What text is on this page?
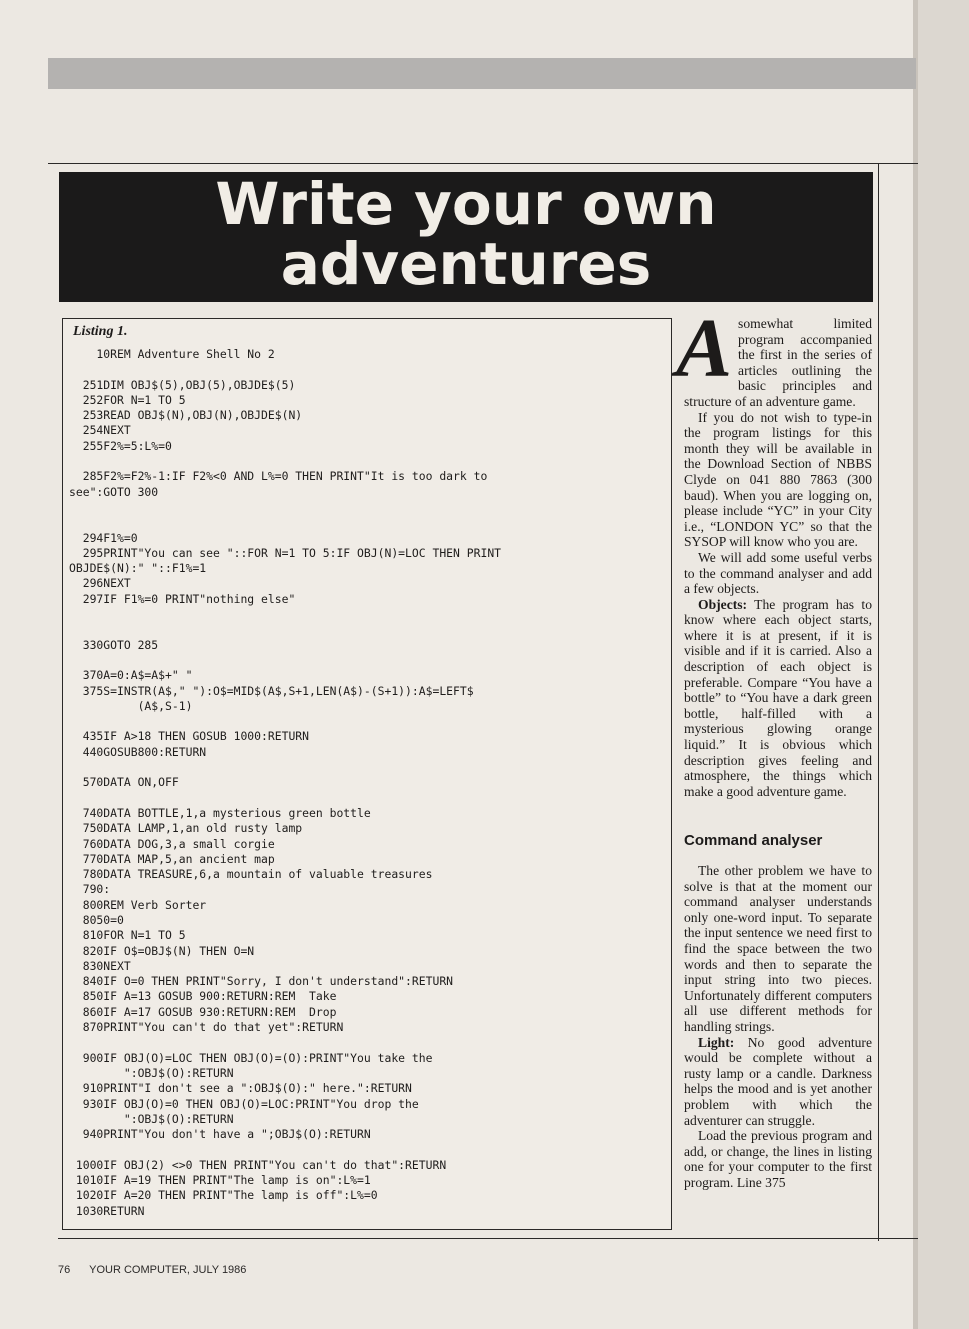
Write your own
adventures
Listing 1.
10REM Adventure Shell No 2

251DIM OBJ$(5),OBJ(5),OBJDE$(5)
252FOR N=1 TO 5
253READ OBJ$(N),OBJ(N),OBJDE$(N)
254NEXT
255F2%=5:L%=0

285F2%=F2%-1:IF F2%<0 AND L%=0 THEN PRINT"It is too dark to
see":GOTO 300

294F1%=0
295PRINT"You can see "::FOR N=1 TO 5:IF OBJ(N)=LOC THEN PRINT
OBJDE$(N):" "::F1%=1
296NEXT
297IF F1%=0 PRINT"nothing else"

330GOTO 285

370A=0:A$=A$+" "
375S=INSTR(A$," "):O$=MID$(A$,S+1,LEN(A$)-(S+1)):A$=LEFT$
(A$,S-1)

435IF A>18 THEN GOSUB 1000:RETURN
440GOSUB800:RETURN

570DATA ON,OFF

740DATA BOTTLE,1,a mysterious green bottle
750DATA LAMP,1,an old rusty lamp
760DATA DOG,3,a small corgie
770DATA MAP,5,an ancient map
780DATA TREASURE,6,a mountain of valuable treasures
790:
800REM Verb Sorter
8050=0
810FOR N=1 TO 5
820IF O$=OBJ$(N) THEN O=N
830NEXT
840IF O=0 THEN PRINT"Sorry, I don't understand":RETURN
850IF A=13 GOSUB 900:RETURN:REM  Take
860IF A=17 GOSUB 930:RETURN:REM  Drop
870PRINT"You can't do that yet":RETURN

900IF OBJ(O)=LOC THEN OBJ(O)=(O):PRINT"You take the
":OBJ$(O):RETURN
910PRINT"I don't see a ":OBJ$(O):" here.":RETURN
930IF OBJ(O)=0 THEN OBJ(O)=LOC:PRINT"You drop the
":OBJ$(O):RETURN
940PRINT"You don't have a ";OBJ$(O):RETURN

1000IF OBJ(2) <>0 THEN PRINT"You can't do that":RETURN
1010IF A=19 THEN PRINT"The lamp is on":L%=1
1020IF A=20 THEN PRINT"The lamp is off":L%=0
1030RETURN

Asomewhat limited program accompanied the first in the series of articles outlining the basic principles and structure of an adventure game.

If you do not wish to type-in the program listings for this month they will be available in the Download Section of NBBS Clyde on 041 880 7863 (300 baud). When you are logging on, please include “YC” in your City i.e., “LONDON YC” so that the SYSOP will know who you are.

We will add some useful verbs to the command analyser and add a few objects.

Objects: The program has to know where each object starts, where it is at present, if it is visible and if it is carried. Also a description of each object is preferable. Compare “You have a bottle” to “You have a dark green bottle, half-filled with a mysterious glowing orange liquid.” It is obvious which description gives feeling and atmosphere, the things which make a good adventure game.

Command analyser

The other problem we have to solve is that at the moment our command analyser understands only one-word input. To separate the input sentence we need first to find the space between the two words and then to separate the input string into two pieces. Unfortunately different computers all use different methods for handling strings.

Light: No good adventure would be complete without a rusty lamp or a candle. Darkness helps the mood and is yet another problem with which the adventurer can struggle.

Load the previous program and add, or change, the lines in listing one for your computer to the first program. Line 375

76 YOUR COMPUTER, JULY 1986
